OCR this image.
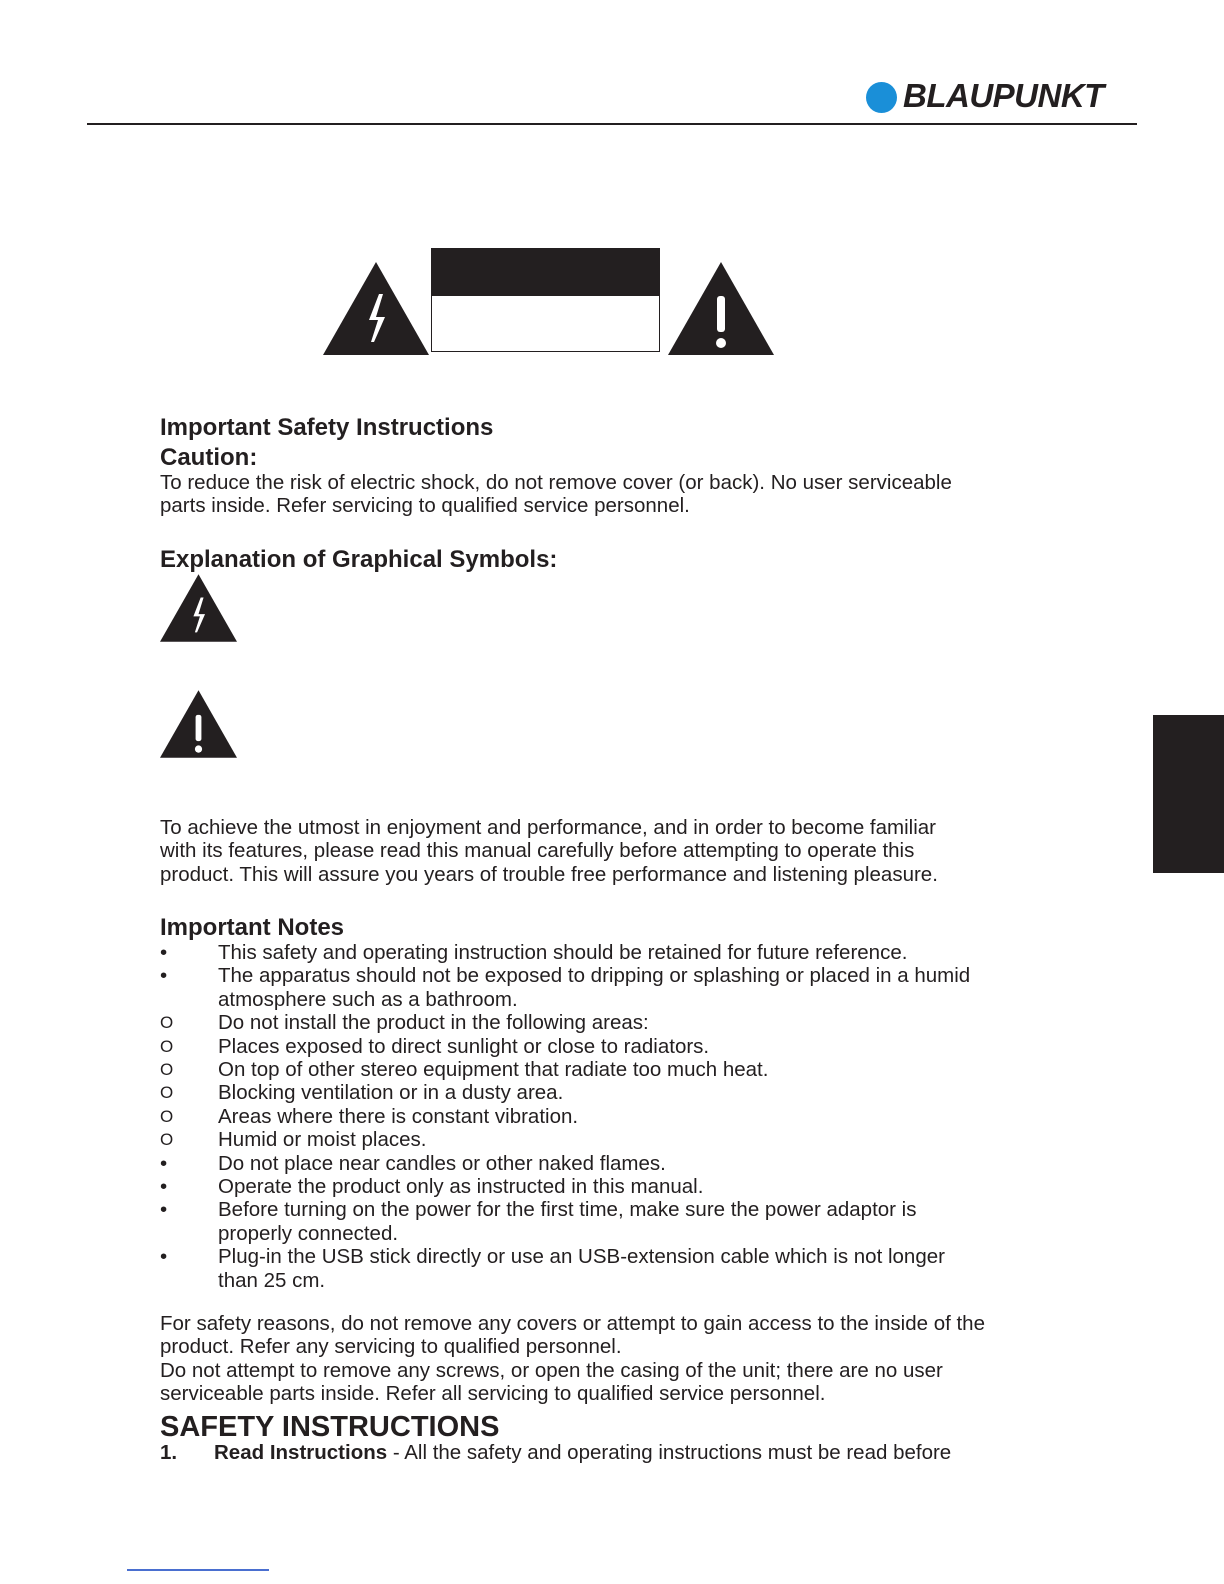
BLAUPUNKT
Important Safety Instructions
Caution:
To reduce the risk of electric shock, do not remove cover (or back). No user serviceable
parts inside. Refer servicing to qualified service personnel.
Explanation of Graphical Symbols:
To achieve the utmost in enjoyment and performance, and in order to become familiar
with its features, please read this manual carefully before attempting to operate this
product. This will assure you years of trouble free performance and listening pleasure.
Important Notes
•	This safety and operating instruction should be retained for future reference.
•	The apparatus should not be exposed to dripping or splashing or placed in a humid
atmosphere such as a bathroom.
O	Do not install the product in the following areas:
O	Places exposed to direct sunlight or close to radiators.
O	On top of other stereo equipment that radiate too much heat.
O	Blocking ventilation or in a dusty area.
O	Areas where there is constant vibration.
O	Humid or moist places.
•	Do not place near candles or other naked flames.
•	Operate the product only as instructed in this manual.
•	Before turning on the power for the first time, make sure the power adaptor is
properly connected.
•	Plug-in the USB stick directly or use an USB-extension cable which is not longer
than 25 cm.
For safety reasons, do not remove any covers or attempt to gain access to the inside of the
product. Refer any servicing to qualified personnel.
Do not attempt to remove any screws, or open the casing of the unit; there are no user
serviceable parts inside. Refer all servicing to qualified service personnel.
SAFETY INSTRUCTIONS
1. Read Instructions - All the safety and operating instructions must be read before
